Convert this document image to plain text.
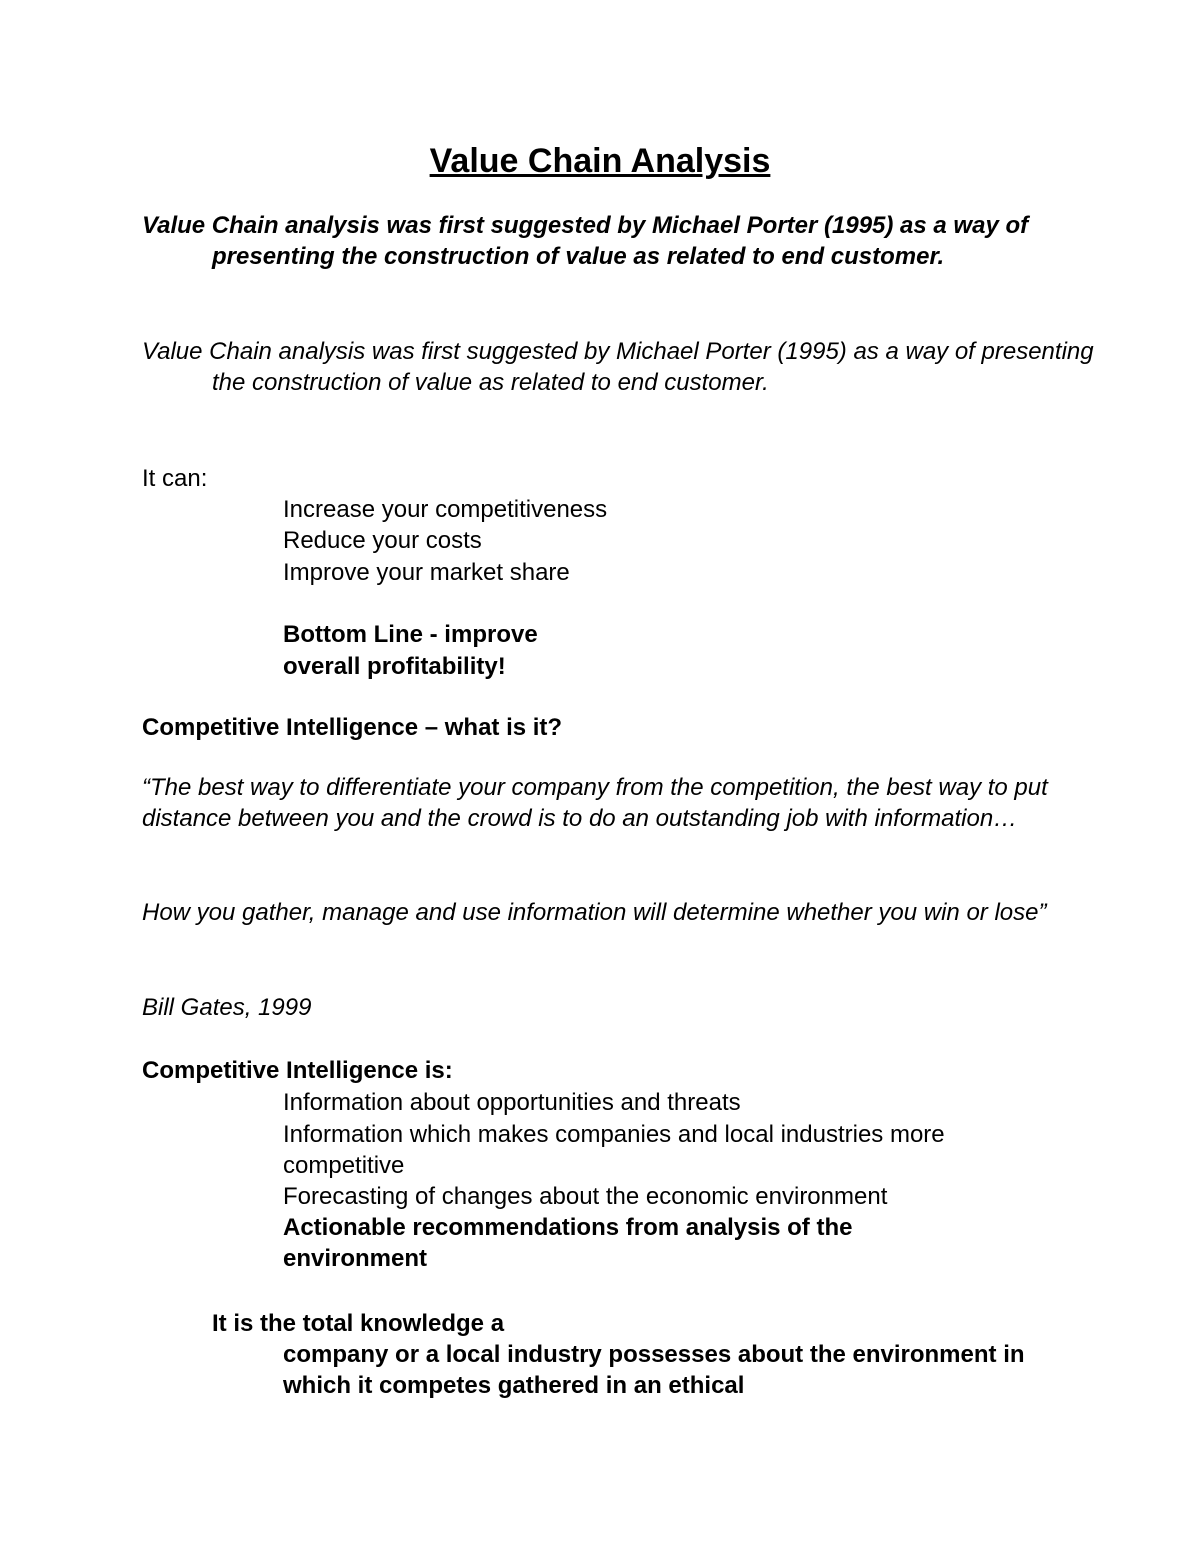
Value Chain Analysis

Value Chain analysis was first suggested by Michael Porter (1995) as a way of presenting the construction of value as related to end customer.

Value Chain analysis was first suggested by Michael Porter (1995) as a way of presenting the construction of value as related to end customer.

It can:

Increase your competitiveness

Reduce your costs

Improve your market share

Bottom Line - improve

overall profitability!

Competitive Intelligence – what is it?

“The best way to differentiate your company from the competition, the best way to put distance between you and the crowd is to do an outstanding job with information…

How you gather, manage and use information will determine whether you win or lose”

Bill Gates, 1999

Competitive Intelligence is:

Information about opportunities and threats

Information which makes companies and local industries more competitive

Forecasting of changes about the economic environment

Actionable recommendations from analysis of the environment

It is the total knowledge a

company or a local industry possesses about the environment in which it competes gathered in an ethical
